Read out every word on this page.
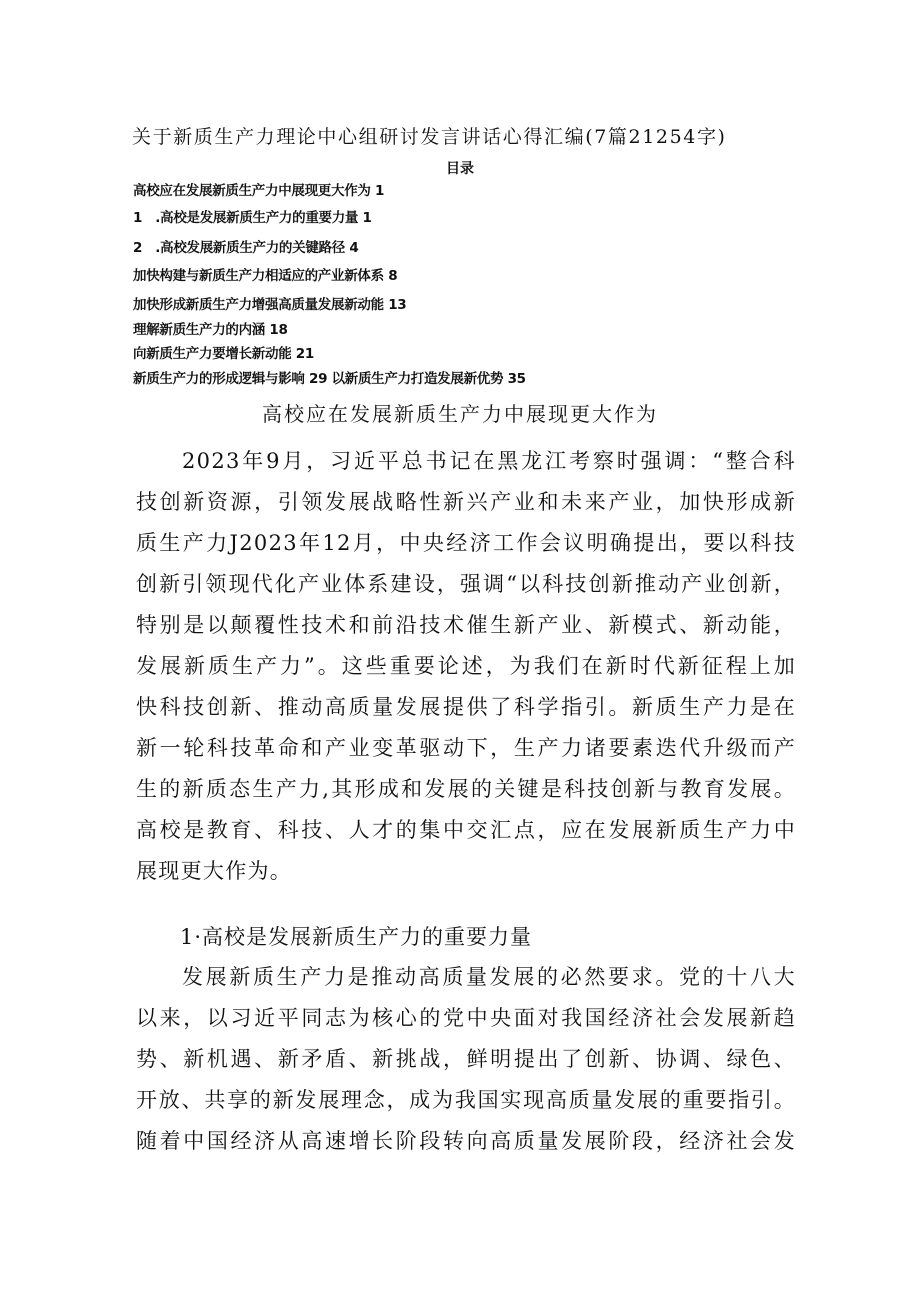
关于新质生产力理论中心组研讨发言讲话心得汇编(7篇21254字)
目录
高校应在发展新质生产力中展现更大作为 1
1　.高校是发展新质生产力的重要力量 1
2　.高校发展新质生产力的关键路径 4
加快构建与新质生产力相适应的产业新体系 8
加快形成新质生产力增强高质量发展新动能 13
理解新质生产力的内涵 18
向新质生产力要增长新动能 21
新质生产力的形成逻辑与影响 29 以新质生产力打造发展新优势 35
高校应在发展新质生产力中展现更大作为
2023年9月，习近平总书记在黑龙江考察时强调：“整合科
技创新资源，引领发展战略性新兴产业和未来产业，加快形成新
质生产力J2023年12月，中央经济工作会议明确提出，要以科技
创新引领现代化产业体系建设，强调“以科技创新推动产业创新，
特别是以颠覆性技术和前沿技术催生新产业、新模式、新动能，
发展新质生产力”。这些重要论述，为我们在新时代新征程上加
快科技创新、推动高质量发展提供了科学指引。新质生产力是在
新一轮科技革命和产业变革驱动下，生产力诸要素迭代升级而产
生的新质态生产力,其形成和发展的关键是科技创新与教育发展。
高校是教育、科技、人才的集中交汇点，应在发展新质生产力中
展现更大作为。
1·高校是发展新质生产力的重要力量
发展新质生产力是推动高质量发展的必然要求。党的十八大
以来，以习近平同志为核心的党中央面对我国经济社会发展新趋
势、新机遇、新矛盾、新挑战，鲜明提出了创新、协调、绿色、
开放、共享的新发展理念，成为我国实现高质量发展的重要指引。
随着中国经济从高速增长阶段转向高质量发展阶段，经济社会发
